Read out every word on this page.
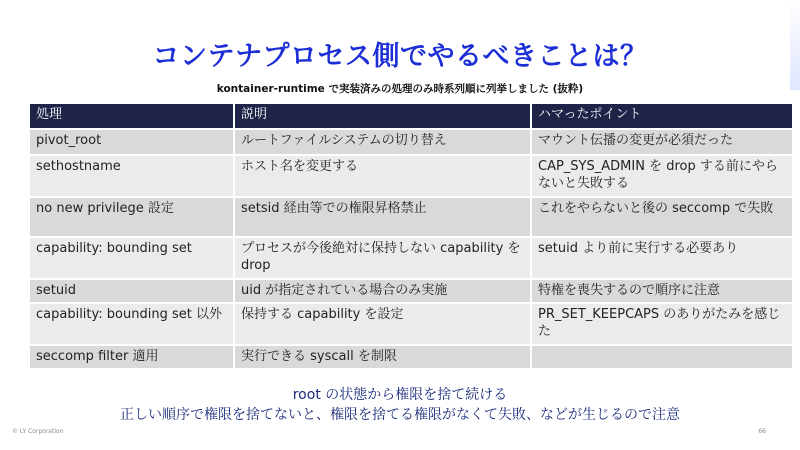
コンテナプロセス側でやるべきことは？
kontainer-runtime で実装済みの処理のみ時系列順に列挙しました (抜粋)
処理	説明	ハマったポイント
pivot_root	ルートファイルシステムの切り替え	マウント伝播の変更が必須だった
sethostname	ホスト名を変更する	CAP_SYS_ADMIN を drop する前にやらないと失敗する
no new privilege 設定	setsid 経由等での権限昇格禁止	これをやらないと後の seccomp で失敗
capability: bounding set	プロセスが今後絶対に保持しない capability を drop	setuid より前に実行する必要あり
setuid	uid が指定されている場合のみ実施	特権を喪失するので順序に注意
capability: bounding set 以外	保持する capability を設定	PR_SET_KEEPCAPS のありがたみを感じた
seccomp filter 適用	実行できる syscall を制限	
root の状態から権限を捨て続ける
正しい順序で権限を捨てないと、権限を捨てる権限がなくて失敗、などが生じるので注意
© LY Corporation	66
